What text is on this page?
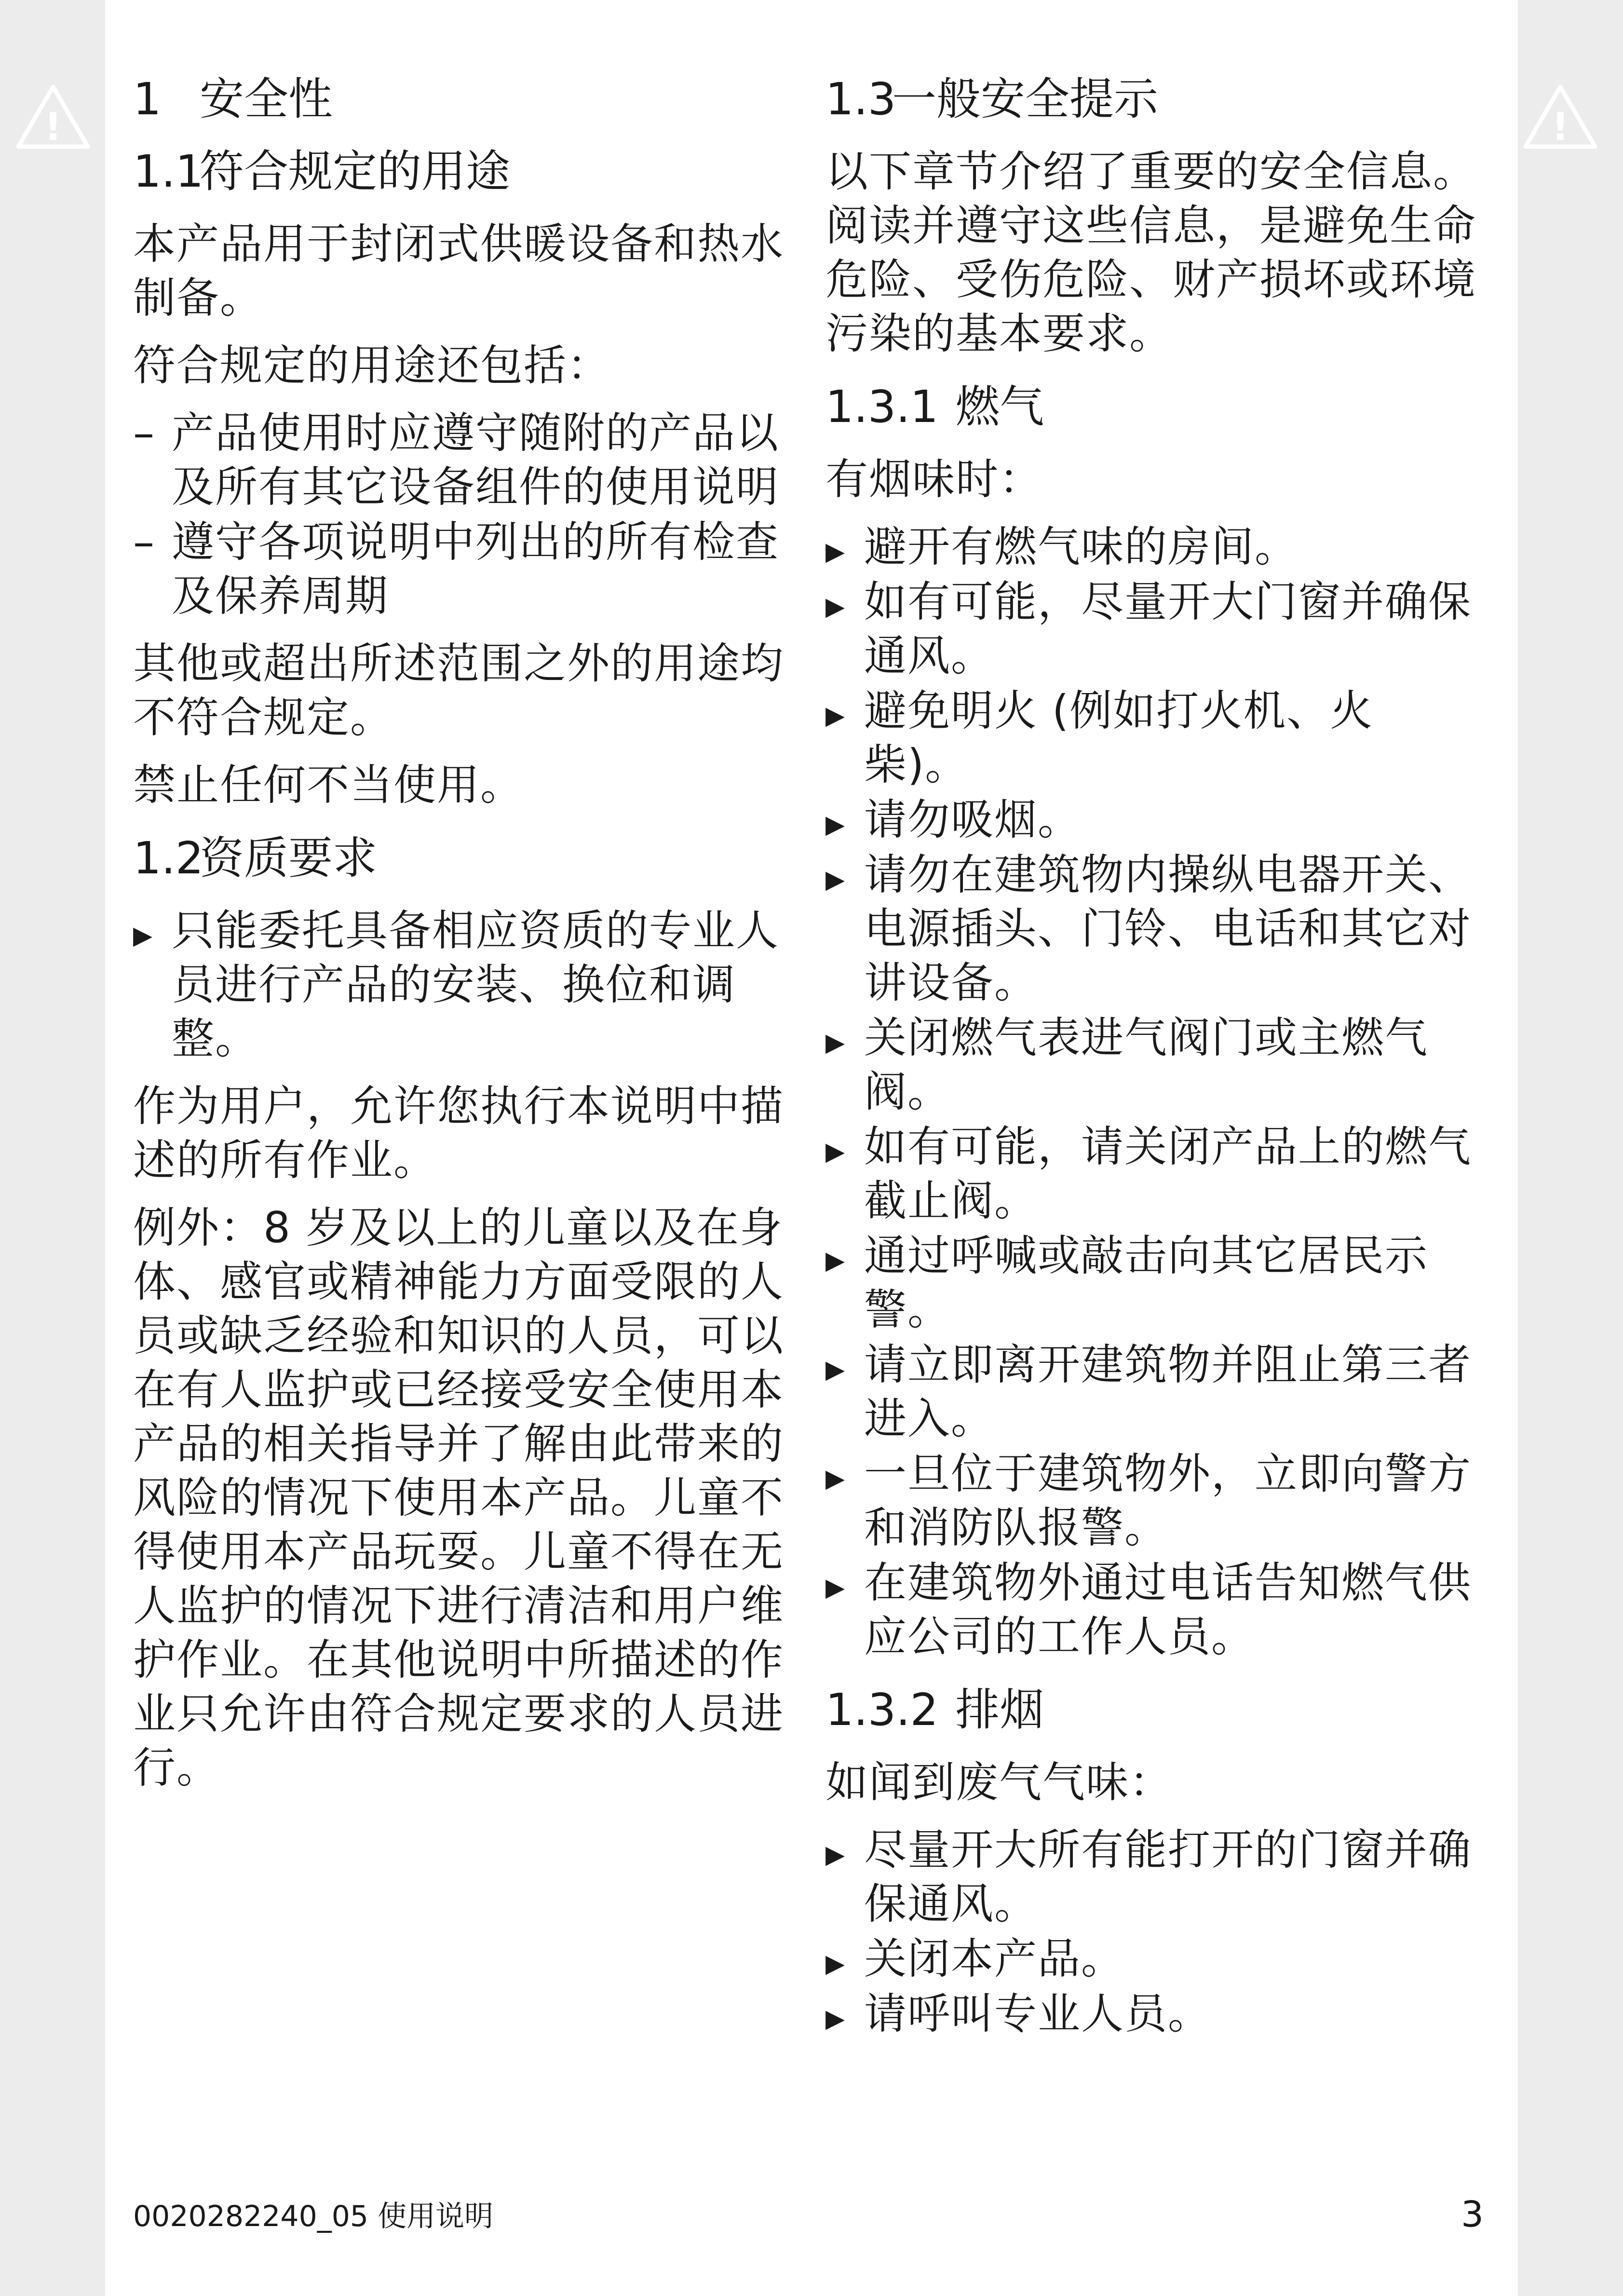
!	!
1 安全性
1.1符合规定的用途

本产品用于封闭式供暖设备和热水制备。

符合规定的用途还包括：

– 产品使用时应遵守随附的产品以及所有其它设备组件的使用说明
– 遵守各项说明中列出的所有检查及保养周期

其他或超出所述范围之外的用途均不符合规定。

禁止任何不当使用。

1.2资质要求
▶ 只能委托具备相应资质的专业人员进行产品的安装、换位和调整。

作为用户，允许您执行本说明中描述的所有作业。

例外：8 岁及以上的儿童以及在身体、感官或精神能力方面受限的人员或缺乏经验和知识的人员，可以在有人监护或已经接受安全使用本产品的相关指导并了解由此带来的风险的情况下使用本产品。儿童不得使用本产品玩耍。儿童不得在无人监护的情况下进行清洁和用户维护作业。在其他说明中所描述的作业只允许由符合规定要求的人员进行。

1.3一般安全提示

以下章节介绍了重要的安全信息。阅读并遵守这些信息，是避免生命危险、受伤危险、财产损坏或环境污染的基本要求。

1.3.1 燃气

有烟味时：

▶ 避开有燃气味的房间。
▶ 如有可能，尽量开大门窗并确保通风。
▶ 避免明火 (例如打火机、火柴)。
▶ 请勿吸烟。
▶ 请勿在建筑物内操纵电器开关、电源插头、门铃、电话和其它对讲设备。
▶ 关闭燃气表进气阀门或主燃气阀。
▶ 如有可能，请关闭产品上的燃气截止阀。
▶ 通过呼喊或敲击向其它居民示警。
▶ 请立即离开建筑物并阻止第三者进入。
▶ 一旦位于建筑物外，立即向警方和消防队报警。
▶ 在建筑物外通过电话告知燃气供应公司的工作人员。
1.3.2 排烟

如闻到废气气味：

▶ 尽量开大所有能打开的门窗并确保通风。
▶ 关闭本产品。
▶ 请呼叫专业人员。
0020282240_05 使用说明	3
